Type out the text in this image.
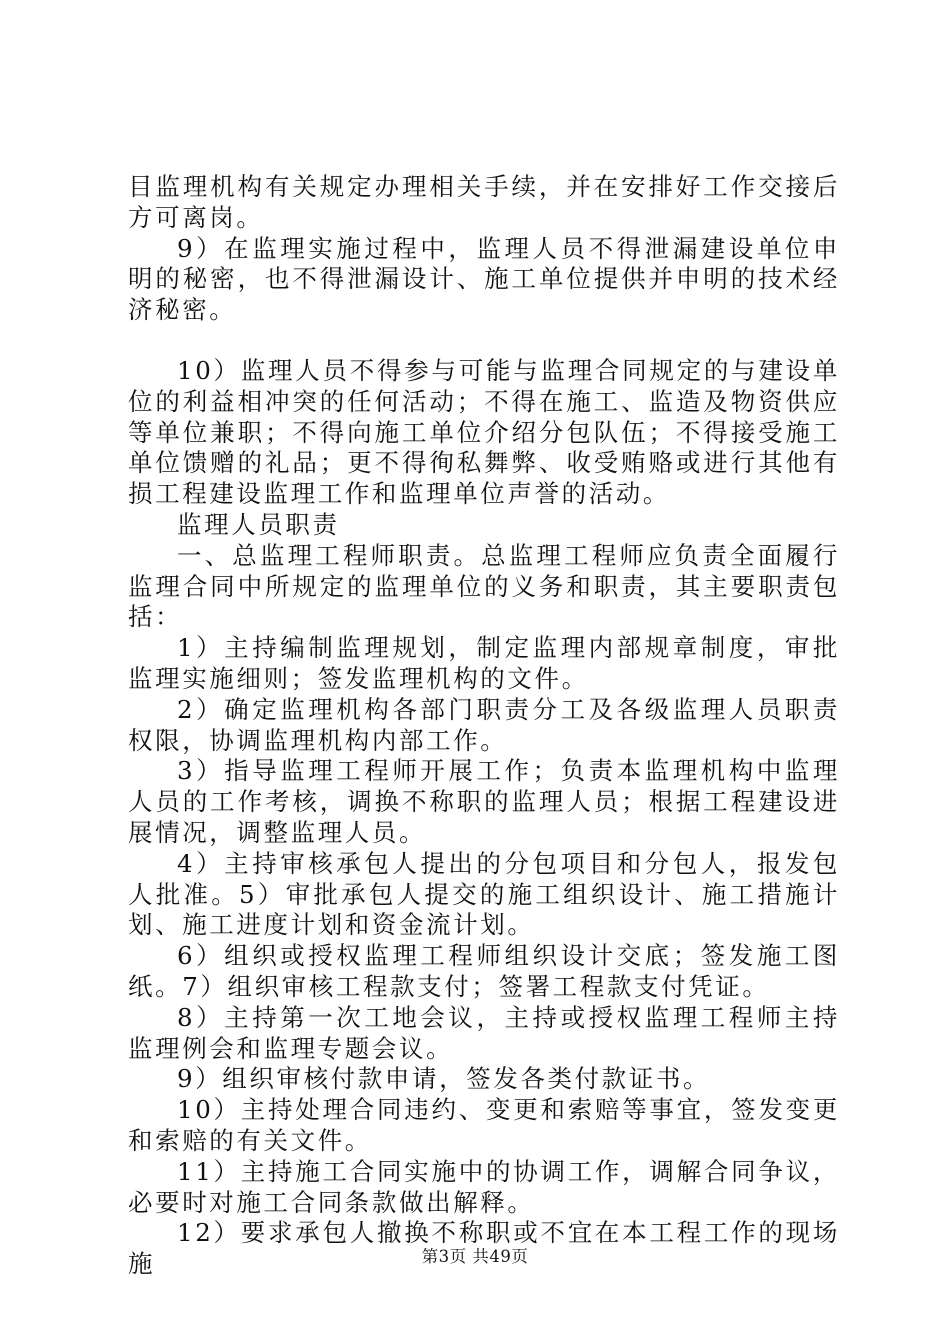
目监理机构有关规定办理相关手续，并在安排好工作交接后方可离岗。

9）在监理实施过程中，监理人员不得泄漏建设单位申明的秘密，也不得泄漏设计、施工单位提供并申明的技术经济秘密。

10）监理人员不得参与可能与监理合同规定的与建设单位的利益相冲突的任何活动；不得在施工、监造及物资供应等单位兼职；不得向施工单位介绍分包队伍；不得接受施工单位馈赠的礼品；更不得徇私舞弊、收受贿赂或进行其他有损工程建设监理工作和监理单位声誉的活动。

监理人员职责

一、总监理工程师职责。总监理工程师应负责全面履行监理合同中所规定的监理单位的义务和职责，其主要职责包括：

1）主持编制监理规划，制定监理内部规章制度，审批监理实施细则；签发监理机构的文件。

2）确定监理机构各部门职责分工及各级监理人员职责权限，协调监理机构内部工作。

3）指导监理工程师开展工作；负责本监理机构中监理人员的工作考核，调换不称职的监理人员；根据工程建设进展情况，调整监理人员。

4）主持审核承包人提出的分包项目和分包人，报发包人批准。5）审批承包人提交的施工组织设计、施工措施计划、施工进度计划和资金流计划。

6）组织或授权监理工程师组织设计交底；签发施工图纸。7）组织审核工程款支付；签署工程款支付凭证。

8）主持第一次工地会议，主持或授权监理工程师主持监理例会和监理专题会议。

9）组织审核付款申请，签发各类付款证书。

10）主持处理合同违约、变更和索赔等事宜，签发变更和索赔的有关文件。

11）主持施工合同实施中的协调工作，调解合同争议，必要时对施工合同条款做出解释。

12）要求承包人撤换不称职或不宜在本工程工作的现场施	第3页 共49页
